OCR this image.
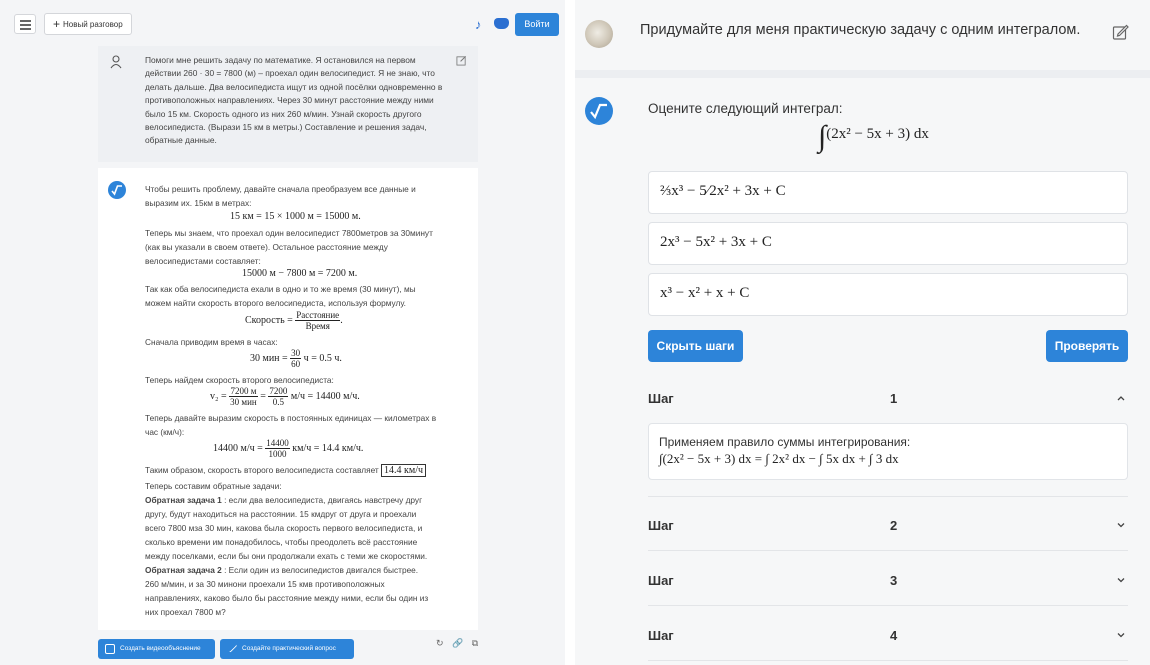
+ Новый разговор	♪	Войти
Помоги мне решить задачу по математике. Я остановился на первом действии 260 · 30 = 7800 (м) – проехал один велосипедист. Я не знаю, что делать дальше. Два велосипедиста ищут из одной посёлки одновременно в противоположных направлениях. Через 30 минут расстояние между ними было 15 км. Скорость одного из них 260 м/мин. Узнай скорость другого велосипедиста. (Вырази 15 км в метры.) Составление и решения задач, обратные данные.
Чтобы решить проблему, давайте сначала преобразуем все данные и
выразим их. 15км в метрах:
15 км = 15 × 1000 м = 15000 м.
Теперь мы знаем, что проехал один велосипедист 7800метров за 30минут
(как вы указали в своем ответе). Остальное расстояние между
велосипедистами составляет:
15000 м − 7800 м = 7200 м.
Так как оба велосипедиста ехали в одно и то же время (30 минут), мы
можем найти скорость второго велосипедиста, используя формулу.
Скорость = $\frac{\text{Расстояние}}{\text{Время}}$ .
Сначала приводим время в часах:
30 мин = $\frac{30}{60}$ ч = 0.5 ч.
Теперь найдем скорость второго велосипедиста:
$v_2 = \frac{7200 м}{\text{30 мин}} = \frac{7200}{0.5} м/ч = 14400$ м/ч.
Теперь давайте выразим скорость в постоянных единицах — километрах в
час (км/ч):
14400 $м/ч = \frac{14400}{1000} км/ч = 14.4$ км/ч.
Таким образом, скорость второго велосипедиста составляет 14.4 км/ч
Теперь составим обратные задачи:
Обратная задача 1 : если два велосипедиста, двигаясь навстречу друг
другу, будут находиться на расстоянии. 15 кмдруг от друга и проехали
всего 7800 мза 30 мин, какова была скорость первого велосипедиста, и
сколько времени им понадобилось, чтобы преодолеть всё расстояние
между поселками, если бы они продолжали ехать с теми же скоростями.
Обратная задача 2 : Если один из велосипедистов двигался быстрее.
260 м/мин, и за 30 минони проехали 15 кмв противоположных
направлениях, каково было бы расстояние между ними, если бы один из
них проехал 7800 м?
Создать видеообъяснение	Создайте практический вопрос
↻ 🔗 ⧉
Придумайте для меня практическую задачу с одним интегралом.
Оцените следующий интеграл:
∫(2x² − 5x + 3) dx
⅔x³ − 5⁄2x² + 3x + C
2x³ − 5x² + 3x + C
x³ − x² + x + C
Скрыть шаги	Проверять
Шаг	1
Применяем правило суммы интегрирования:
∫(2x² − 5x + 3) dx = ∫ 2x² dx − ∫ 5x dx + ∫ 3 dx
Шаг	2
Шаг	3
Шаг	4
